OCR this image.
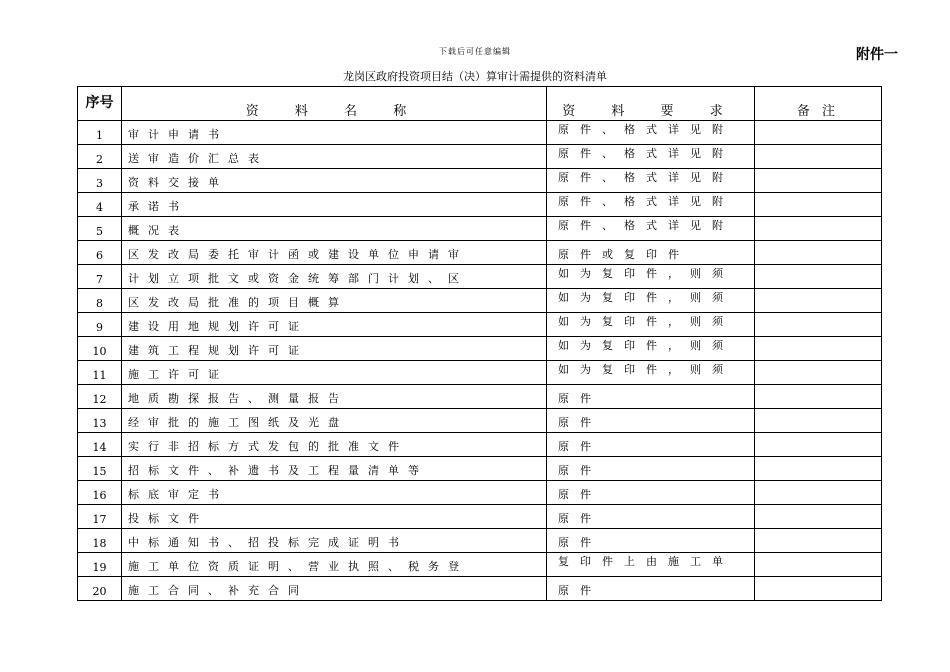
下载后可任意编辑	附件一
龙岗区政府投资项目结（决）算审计需提供的资料清单
序号	资 料 名 称	资 料 要 求	备 注
1	审计申请书	原件、格式详见附	
2	送审造价汇总表	原件、格式详见附	
3	资料交接单	原件、格式详见附	
4	承诺书	原件、格式详见附	
5	概况表	原件、格式详见附	
6	区发改局委托审计函或建设单位申请审	原件或复印件	
7	计划立项批文或资金统筹部门计划、区	如为复印件，则须	
8	区发改局批准的项目概算	如为复印件，则须	
9	建设用地规划许可证	如为复印件，则须	
10	建筑工程规划许可证	如为复印件，则须	
11	施工许可证	如为复印件，则须	
12	地质勘探报告、测量报告	原件	
13	经审批的施工图纸及光盘	原件	
14	实行非招标方式发包的批准文件	原件	
15	招标文件、补遗书及工程量清单等	原件	
16	标底审定书	原件	
17	投标文件	原件	
18	中标通知书、招投标完成证明书	原件	
19	施工单位资质证明、营业执照、税务登	复印件上由施工单	
20	施工合同、补充合同	原件	
